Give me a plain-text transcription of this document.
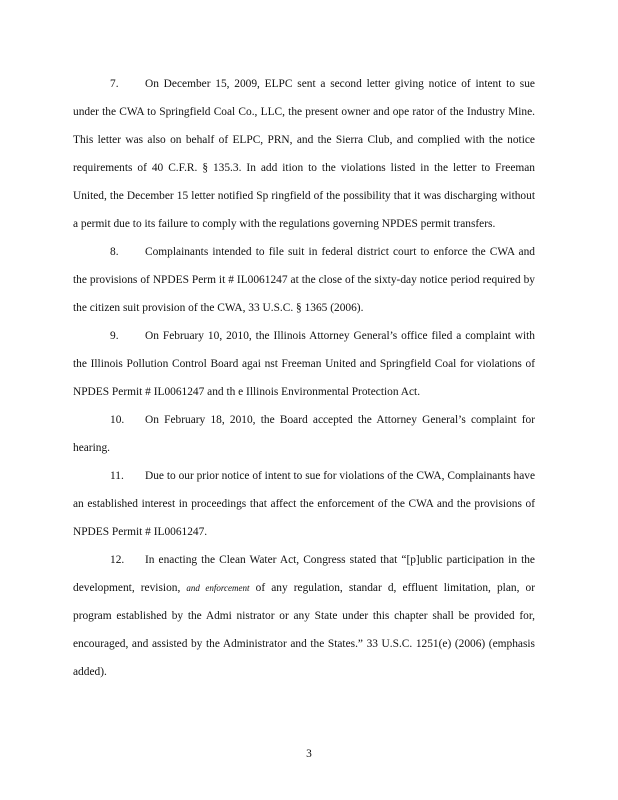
7. On December 15, 2009, ELPC sent a second letter giving notice of intent to sue under the CWA to Springfield Coal Co., LLC, the present owner and ope rator of the Industry Mine. This letter was also on behalf of ELPC, PRN, and the Sierra Club, and complied with the notice requirements of 40 C.F.R. § 135.3. In add ition to the violations listed in the letter to Freeman United, the December 15 letter notified Sp ringfield of the possibility that it was discharging without a permit due to its failure to comply with the regulations governing NPDES permit transfers.

8. Complainants intended to file suit in federal district court to enforce the CWA and the provisions of NPDES Perm it # IL0061247 at the close of the sixty-day notice period required by the citizen suit provision of the CWA, 33 U.S.C. § 1365 (2006).

9. On February 10, 2010, the Illinois Attorney General’s office filed a complaint with the Illinois Pollution Control Board agai nst Freeman United and Springfield Coal for violations of NPDES Permit # IL0061247 and th e Illinois Environmental Protection Act.

10. On February 18, 2010, the Board accepted the Attorney General’s complaint for hearing.

11. Due to our prior notice of intent to sue for violations of the CWA, Complainants have an established interest in proceedings that affect the enforcement of the CWA and the provisions of NPDES Permit # IL0061247.

12. In enacting the Clean Water Act, Congress stated that “[p]ublic participation in the development, revision, and enforcement of any regulation, standar d, effluent limitation, plan, or program established by the Admi nistrator or any State under this chapter shall be provided for, encouraged, and assisted by the Administrator and the States.” 33 U.S.C. 1251(e) (2006) (emphasis added).

3
